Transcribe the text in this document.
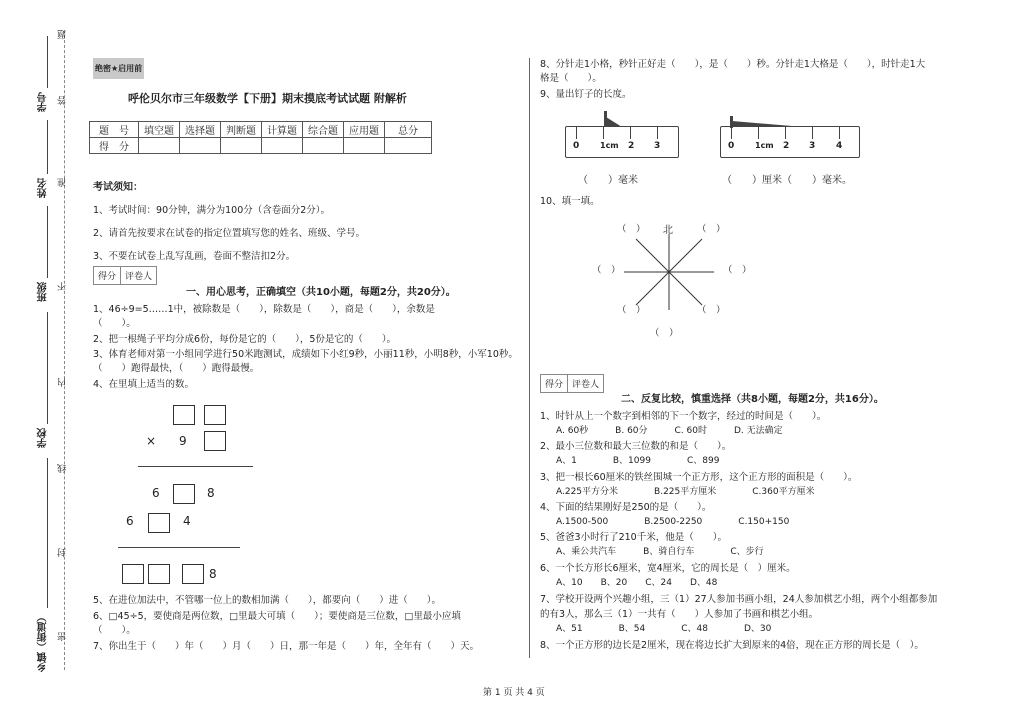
题
答
准
不
内
线
封
密
学号
姓名
班级
学校
乡镇（街道）
绝密★启用前
呼伦贝尔市三年级数学【下册】期末摸底考试试题 附解析
题　号	填空题	选择题	判断题	计算题	综合题	应用题	总分
得　分							
考试须知：
1、考试时间：90分钟，满分为100分（含卷面分2分）。
2、请首先按要求在试卷的指定位置填写您的姓名、班级、学号。
3、不要在试卷上乱写乱画，卷面不整洁扣2分。
得分	评卷人
一、用心思考，正确填空（共10小题，每题2分，共20分）。
1、46÷9=5……1中，被除数是（　　），除数是（　　），商是（　　），余数是
（　　）。
2、把一根绳子平均分成6份，每份是它的（　　），5份是它的（　　）。
3、体育老师对第一小组同学进行50米跑测试，成绩如下小红9秒，小丽11秒，小明8秒，小军10秒。
（　　）跑得最快，（　　）跑得最慢。
4、在里填上适当的数。
× 9
6	8
6	4
8
5、在进位加法中，不管哪一位上的数相加满（　　），都要向（　　）进（　　）。
6、□45÷5，要使商是两位数，□里最大可填（　　）；要使商是三位数，□里最小应填
（　　）。
7、你出生于（　　）年（　　）月（　　）日，那一年是（　　）年，全年有（　　）天。
8、分针走1小格，秒针正好走（　　），是（　　）秒。分针走1大格是（　　），时针走1大
格是（　　）。
9、量出钉子的长度。
0	1cm 2 3	0	1cm 2 3 4
（　　）毫米	（　　）厘米（　　）毫米。
10、填一填。
北
（　）	（　）
（　）	（　）
（　）	（　）
（　）
得分	评卷人
二、反复比较，慎重选择（共8小题，每题2分，共16分）。
1、时针从上一个数字到相邻的下一个数字，经过的时间是（　　）。
A. 60秒　　　B. 60分　　　C. 60时　　　D. 无法确定
2、最小三位数和最大三位数的和是（　　）。
A、1　　　　B、1099　　　　C、899
3、把一根长60厘米的铁丝围城一个正方形，这个正方形的面积是（　　）。
A.225平方分米　　　　B.225平方厘米　　　　C.360平方厘米
4、下面的结果刚好是250的是（　　）。
A.1500-500　　　　B.2500-2250　　　　C.150+150
5、爸爸3小时行了210千米，他是（　　）。
A、乘公共汽车　　　B、骑自行车　　　　C、步行
6、一个长方形长6厘米，宽4厘米，它的周长是（　）厘米。
A、10　　B、20　　C、24　　D、48
7、学校开设两个兴趣小组，三（1）27人参加书画小组，24人参加棋艺小组，两个小组都参加
的有3人，那么三（1）一共有（　　）人参加了书画和棋艺小组。
A、51　　　　B、54　　　　C、48　　　　D、30
8、一个正方形的边长是2厘米，现在将边长扩大到原来的4倍，现在正方形的周长是（　）。
第 1 页 共 4 页
